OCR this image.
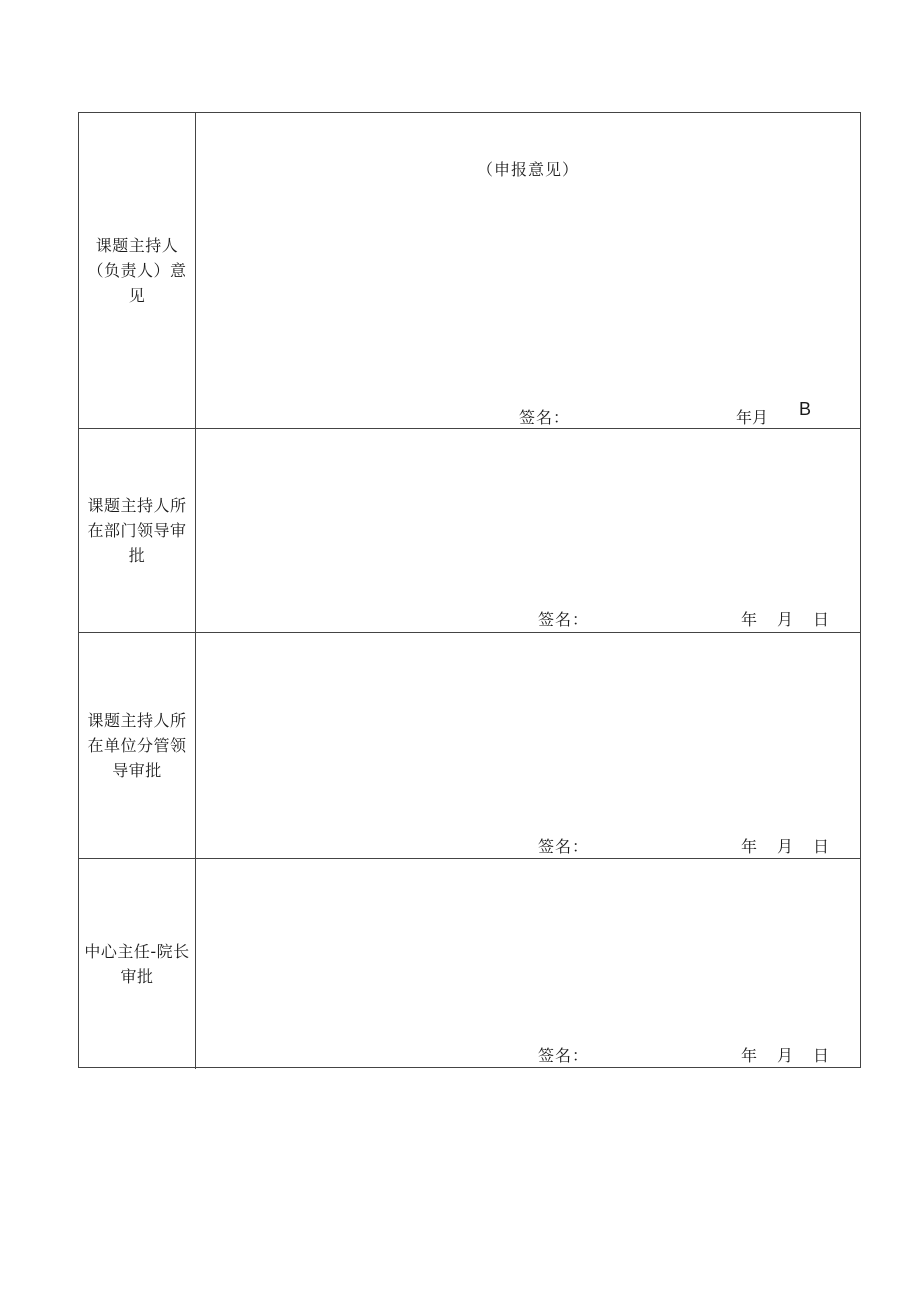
课题主持人（负责人）意见
（申报意见）
签名：	年月 B
课题主持人所在部门领导审批
签名：	年 月 日
课题主持人所在单位分管领导审批
签名：	年 月 日
中心主任-院长审批
签名：	年 月 日
